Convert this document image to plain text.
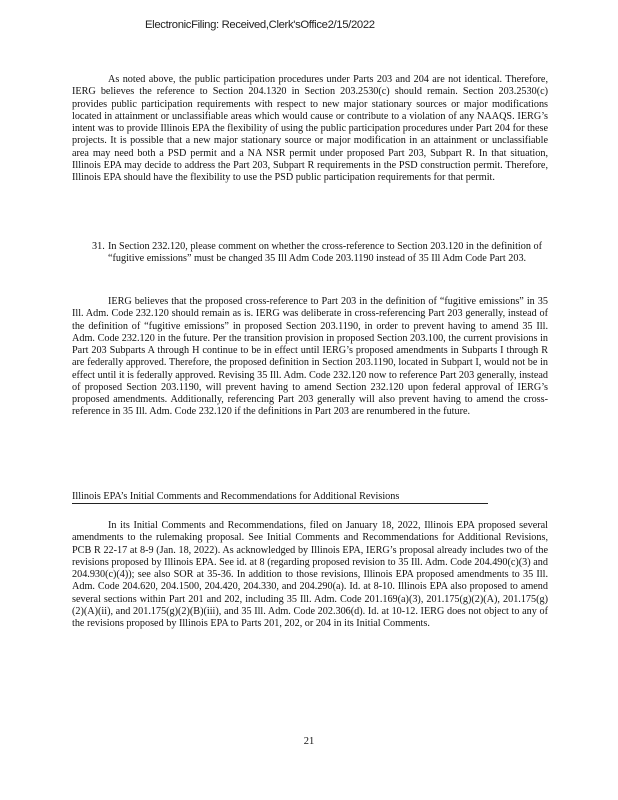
ElectronicFiling: Received,Clerk'sOffice2/15/2022

As noted above, the public participation procedures under Parts 203 and 204 are not identical. Therefore, IERG believes the reference to Section 204.1320 in Section 203.2530(c) should remain. Section 203.2530(c) provides public participation requirements with respect to new major stationary sources or major modifications located in attainment or unclassifiable areas which would cause or contribute to a violation of any NAAQS. IERG’s intent was to provide Illinois EPA the flexibility of using the public participation procedures under Part 204 for these projects. It is possible that a new major stationary source or major modification in an attainment or unclassifiable area may need both a PSD permit and a NA NSR permit under proposed Part 203, Subpart R. In that situation, Illinois EPA may decide to address the Part 203, Subpart R requirements in the PSD construction permit. Therefore, Illinois EPA should have the flexibility to use the PSD public participation requirements for that permit.

31. In Section 232.120, please comment on whether the cross-reference to Section 203.120 in the definition of “fugitive emissions” must be changed 35 Ill Adm Code 203.1190 instead of 35 Ill Adm Code Part 203.

IERG believes that the proposed cross-reference to Part 203 in the definition of “fugitive emissions” in 35 Ill. Adm. Code 232.120 should remain as is. IERG was deliberate in cross-referencing Part 203 generally, instead of the definition of “fugitive emissions” in proposed Section 203.1190, in order to prevent having to amend 35 Ill. Adm. Code 232.120 in the future. Per the transition provision in proposed Section 203.100, the current provisions in Part 203 Subparts A through H continue to be in effect until IERG’s proposed amendments in Subparts I through R are federally approved. Therefore, the proposed definition in Section 203.1190, located in Subpart I, would not be in effect until it is federally approved. Revising 35 Ill. Adm. Code 232.120 now to reference Part 203 generally, instead of proposed Section 203.1190, will prevent having to amend Section 232.120 upon federal approval of IERG’s proposed amendments. Additionally, referencing Part 203 generally will also prevent having to amend the cross-reference in 35 Ill. Adm. Code 232.120 if the definitions in Part 203 are renumbered in the future.

Illinois EPA’s Initial Comments and Recommendations for Additional Revisions

In its Initial Comments and Recommendations, filed on January 18, 2022, Illinois EPA proposed several amendments to the rulemaking proposal. See Initial Comments and Recommendations for Additional Revisions, PCB R 22-17 at 8-9 (Jan. 18, 2022). As acknowledged by Illinois EPA, IERG’s proposal already includes two of the revisions proposed by Illinois EPA. See id. at 8 (regarding proposed revision to 35 Ill. Adm. Code 204.490(c)(3) and 204.930(c)(4)); see also SOR at 35-36. In addition to those revisions, Illinois EPA proposed amendments to 35 Ill. Adm. Code 204.620, 204.1500, 204.420, 204.330, and 204.290(a). Id. at 8-10. Illinois EPA also proposed to amend several sections within Part 201 and 202, including 35 Ill. Adm. Code 201.169(a)(3), 201.175(g)(2)(A), 201.175(g)(2)(A)(ii), and 201.175(g)(2)(B)(iii), and 35 Ill. Adm. Code 202.306(d). Id. at 10-12. IERG does not object to any of the revisions proposed by Illinois EPA to Parts 201, 202, or 204 in its Initial Comments.

21
